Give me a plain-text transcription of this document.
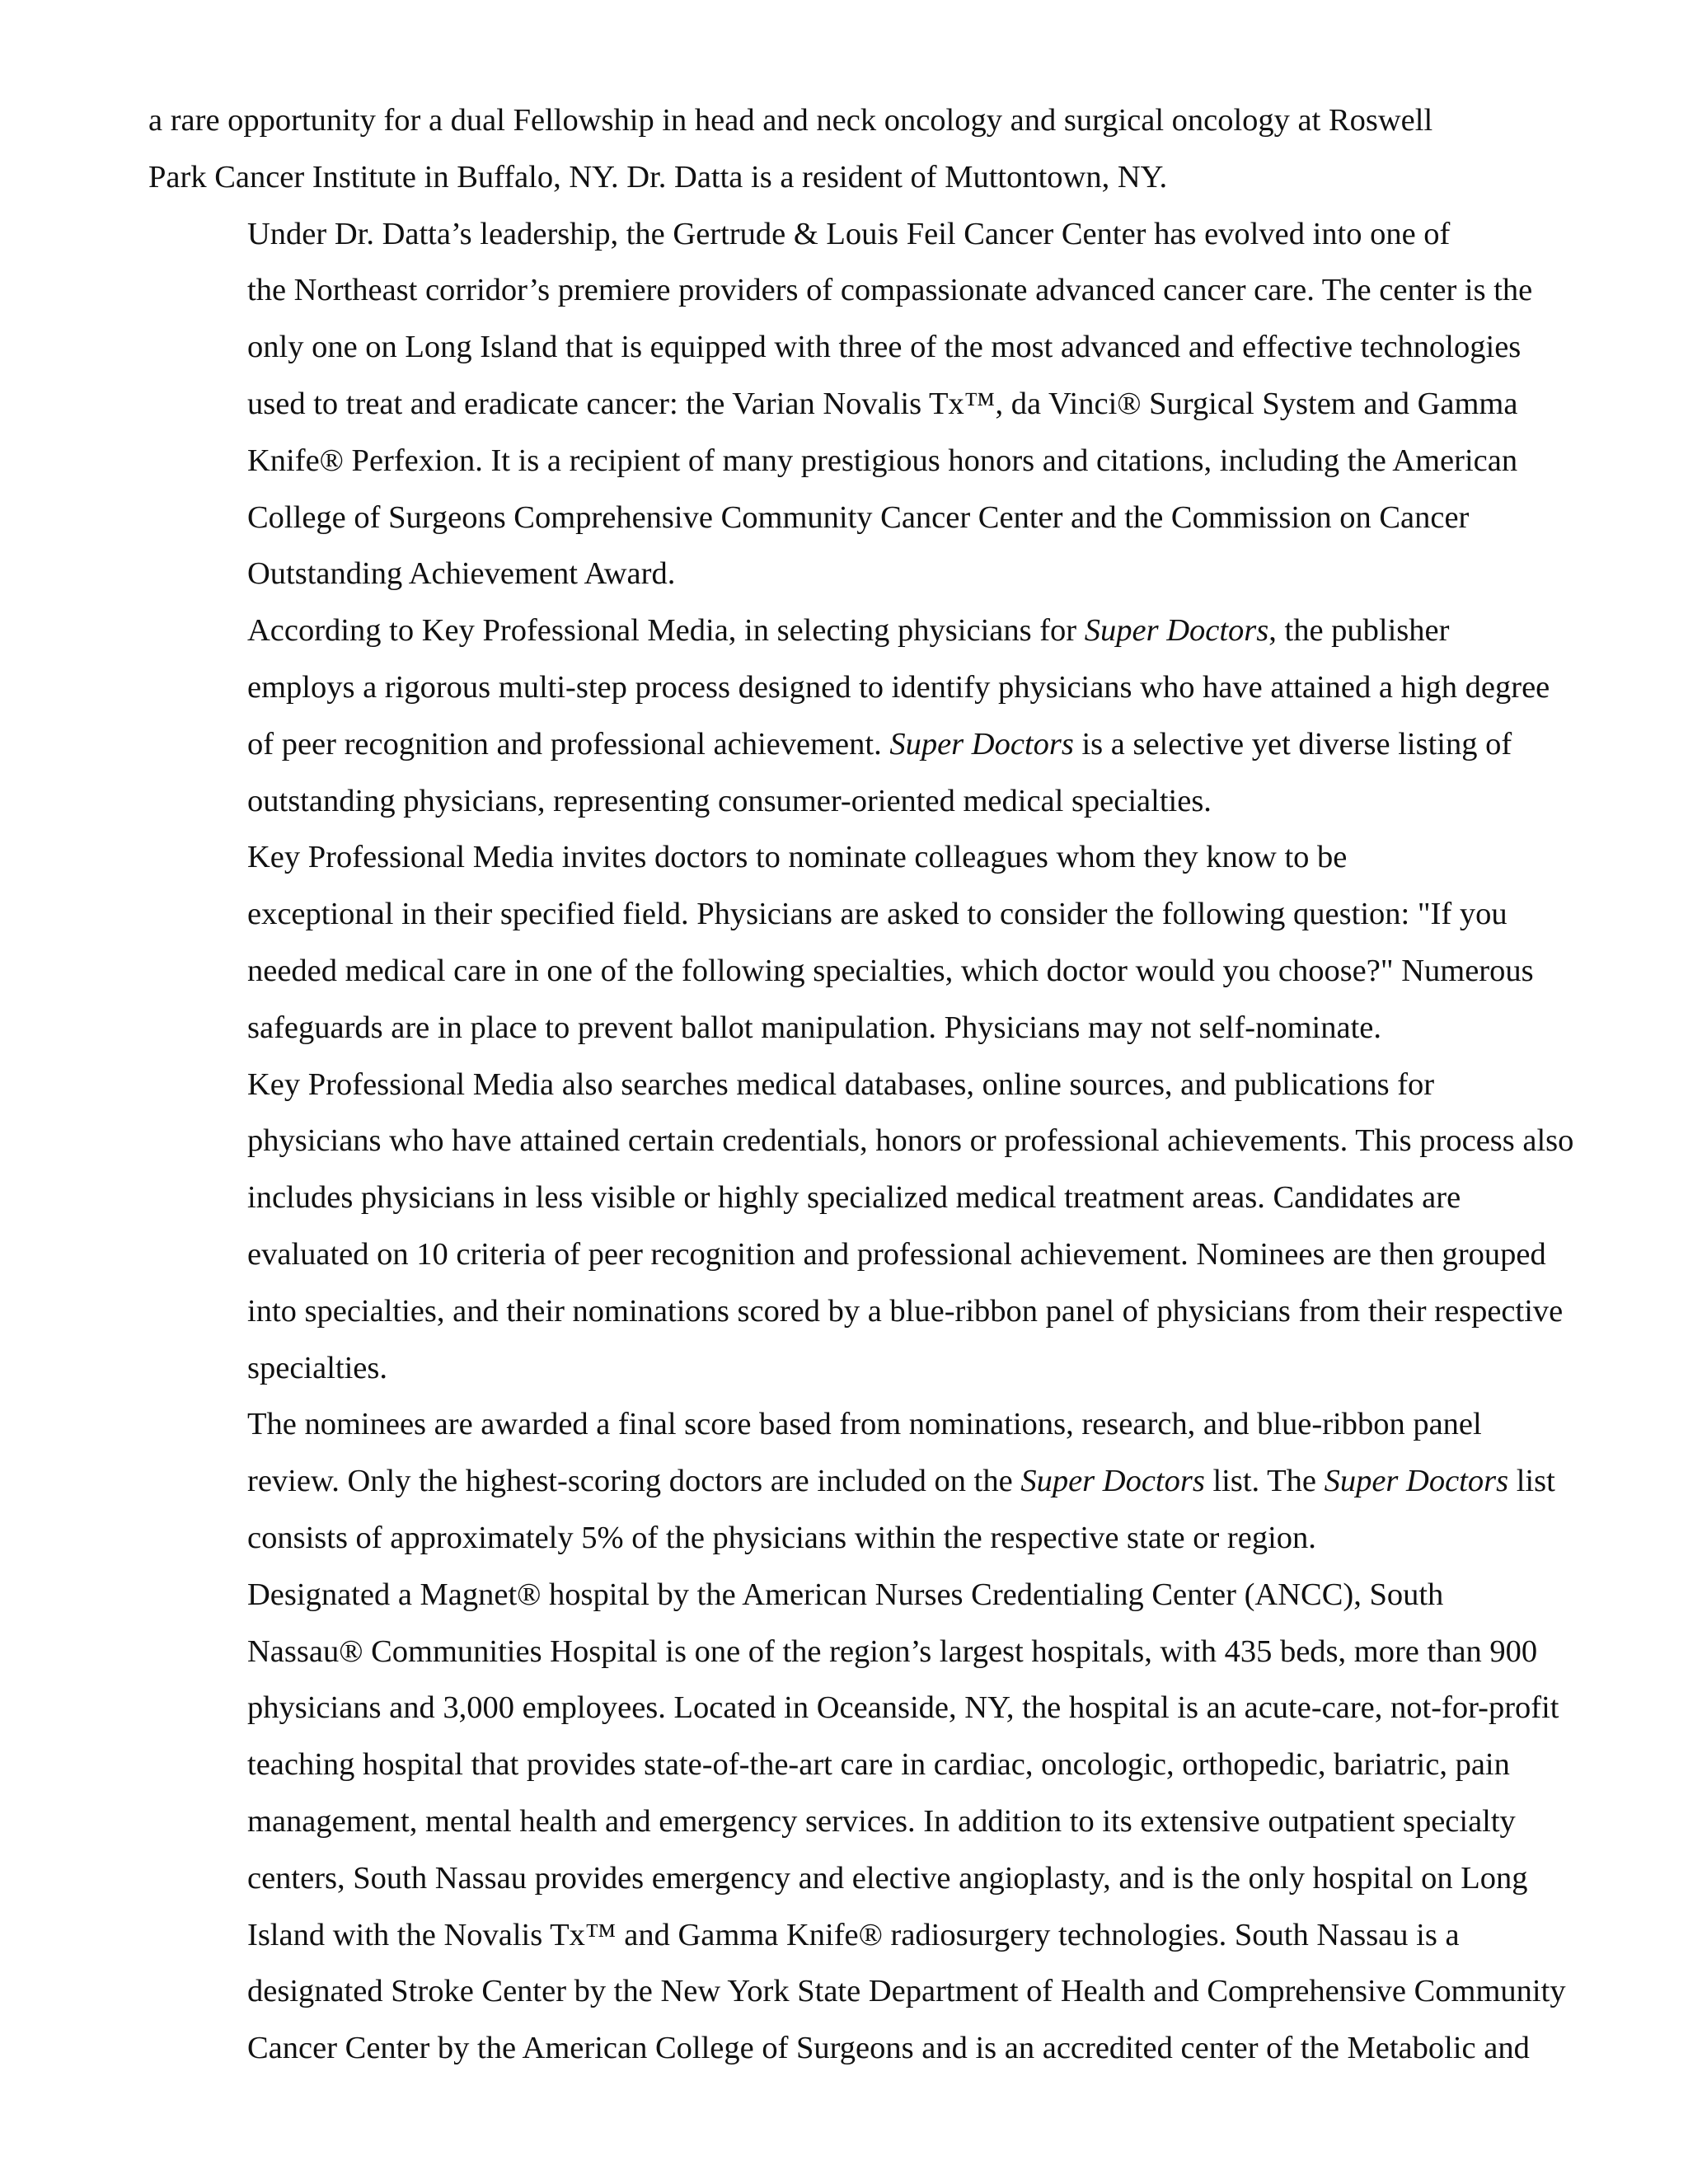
a rare opportunity for a dual Fellowship in head and neck oncology and surgical oncology at Roswell
Park Cancer Institute in Buffalo, NY. Dr. Datta is a resident of Muttontown, NY.
Under Dr. Datta’s leadership, the Gertrude & Louis Feil Cancer Center has evolved into one of
the Northeast corridor’s premiere providers of compassionate advanced cancer care. The center is the
only one on Long Island that is equipped with three of the most advanced and effective technologies
used to treat and eradicate cancer: the Varian Novalis Tx™, da Vinci® Surgical System and Gamma
Knife® Perfexion. It is a recipient of many prestigious honors and citations, including the American
College of Surgeons Comprehensive Community Cancer Center and the Commission on Cancer
Outstanding Achievement Award.
According to Key Professional Media, in selecting physicians for Super Doctors, the publisher
employs a rigorous multi-step process designed to identify physicians who have attained a high degree
of peer recognition and professional achievement. Super Doctors is a selective yet diverse listing of
outstanding physicians, representing consumer-oriented medical specialties.
Key Professional Media invites doctors to nominate colleagues whom they know to be
exceptional in their specified field. Physicians are asked to consider the following question: "If you
needed medical care in one of the following specialties, which doctor would you choose?" Numerous
safeguards are in place to prevent ballot manipulation. Physicians may not self-nominate.
Key Professional Media also searches medical databases, online sources, and publications for
physicians who have attained certain credentials, honors or professional achievements. This process also
includes physicians in less visible or highly specialized medical treatment areas. Candidates are
evaluated on 10 criteria of peer recognition and professional achievement. Nominees are then grouped
into specialties, and their nominations scored by a blue-ribbon panel of physicians from their respective
specialties.
The nominees are awarded a final score based from nominations, research, and blue-ribbon panel
review. Only the highest-scoring doctors are included on the Super Doctors list. The Super Doctors list
consists of approximately 5% of the physicians within the respective state or region.
Designated a Magnet® hospital by the American Nurses Credentialing Center (ANCC), South
Nassau® Communities Hospital is one of the region’s largest hospitals, with 435 beds, more than 900
physicians and 3,000 employees. Located in Oceanside, NY, the hospital is an acute-care, not-for-profit
teaching hospital that provides state-of-the-art care in cardiac, oncologic, orthopedic, bariatric, pain
management, mental health and emergency services. In addition to its extensive outpatient specialty
centers, South Nassau provides emergency and elective angioplasty, and is the only hospital on Long
Island with the Novalis Tx™ and Gamma Knife® radiosurgery technologies. South Nassau is a
designated Stroke Center by the New York State Department of Health and Comprehensive Community
Cancer Center by the American College of Surgeons and is an accredited center of the Metabolic and
